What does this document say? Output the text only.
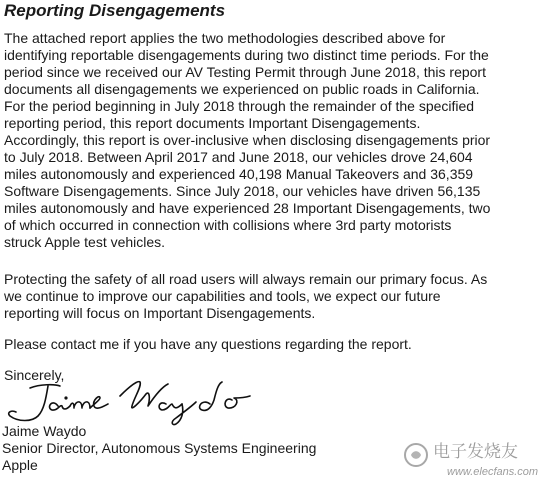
Reporting Disengagements
The attached report applies the two methodologies described above for
identifying reportable disengagements during two distinct time periods. For the
period since we received our AV Testing Permit through June 2018, this report
documents all disengagements we experienced on public roads in California.
For the period beginning in July 2018 through the remainder of the specified
reporting period, this report documents Important Disengagements.
Accordingly, this report is over-inclusive when disclosing disengagements prior
to July 2018. Between April 2017 and June 2018, our vehicles drove 24,604
miles autonomously and experienced 40,198 Manual Takeovers and 36,359
Software Disengagements. Since July 2018, our vehicles have driven 56,135
miles autonomously and have experienced 28 Important Disengagements, two
of which occurred in connection with collisions where 3rd party motorists
struck Apple test vehicles.
Protecting the safety of all road users will always remain our primary focus. As
we continue to improve our capabilities and tools, we expect our future
reporting will focus on Important Disengagements.
Please contact me if you have any questions regarding the report.
Sincerely,
Jaime Waydo
Senior Director, Autonomous Systems Engineering
Apple
电子发烧友
www.elecfans.com
